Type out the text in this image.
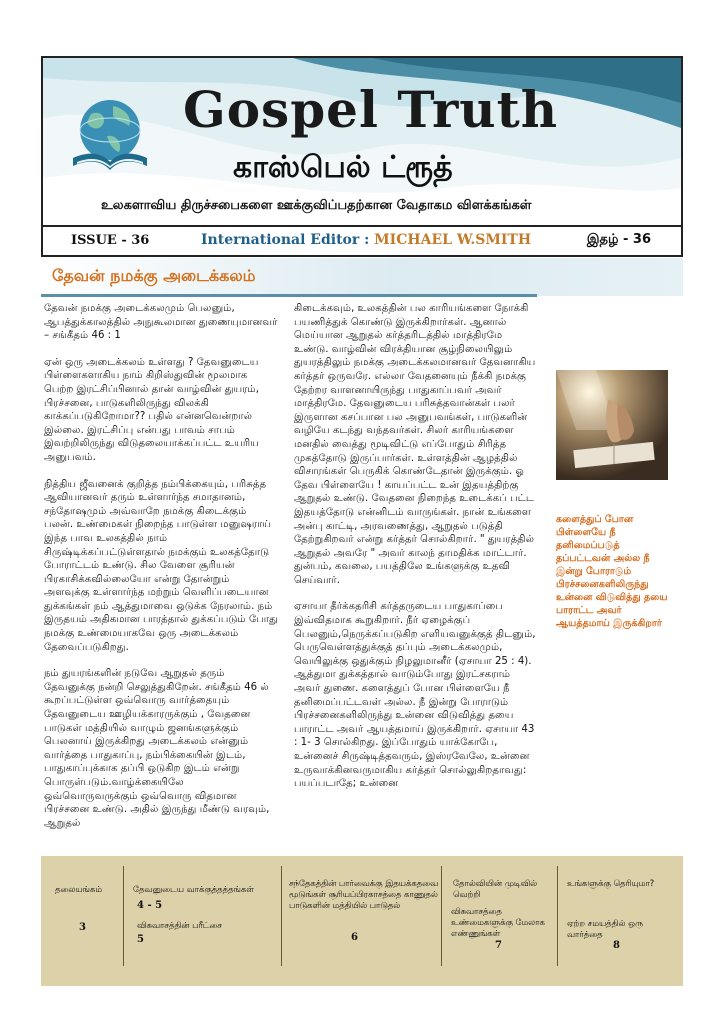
Gospel Truth
காஸ்பெல் ட்ரூத்
உலகளாவிய திருச்சபைகளை ஊக்குவிப்பதற்கான வேதாகம விளக்கங்கள்
ISSUE - 36	International Editor : MICHAEL W.SMITH	இதழ் - 36
தேவன் நமக்கு அடைக்கலம்

தேவன் நமக்கு அடைக்கலமும் பெலனும், ஆபத்துக்காலத்தில் அநுகூலமான துணையுமானவர் – சங்கீதம் 46 : 1

ஏன் ஒரு அடைக்கலம் உள்ளது ? தேவனுடைய பிள்ளைகளாகிய நாம் கிறிஸ்துவின் மூலமாக பெற்ற இரட்சிப்பினால் தான் வாழ்வின் துயரம், பிரச்சனை, பாடுகளிலிருந்து விலக்கி காக்கப்படுகிறோமா?? பதில் என்னவென்றால் இல்லை. இரட்சிப்பு என்பது பாவம் சாபம் இவற்றிலிருந்து விடுதலையாக்கப்பட்ட உயரிய அனுபவம்.

நித்திய ஜீவனைக் குறித்த நம்பிக்கையும், பரிசுத்த ஆவியானவர் தரும் உள்ளார்ந்த சமாதானம், சந்தோஷமும் அவ்வாறே நமக்கு கிடைக்கும் பலன். உண்மைகள் நிறைந்த பாடுள்ள மனுஷராய் இந்த பாவ உலகத்தில் நாம் சிருஷ்டிக்கப்பட்டுள்ளதால் நமக்கும் உலகத்தோடு போராட்டம் உண்டு. சில வேளை சூரியன் பிரகாசிக்கவில்லையோ என்று தோன்றும் அளவுக்கு உள்ளார்ந்த மற்றும் வெளிப்படையான துக்கங்கள் நம் ஆத்துமாவை ஒடுக்க நேரலாம். நம் இருதயம் அதிகமான பாரத்தால் துக்கப்படும் போது நமக்கு உண்மையாகவே ஒரு அடைக்கலம் தேவைப்படுகிறது.

நம் துயரங்களின் நடுவே ஆறுதல் தரும் தேவனுக்கு நன்றி செலுத்துகிறேன். சங்கீதம் 46 ல் கூறப்பட்டுள்ள ஒவ்வொரு வார்த்தையும் தேவனுடைய ஊழியக்காரருக்கும் , வேதனை பாடுகள் மத்தியில் வாழும் ஜனங்களுக்கும் பெலனாய் இருக்கிறது அடைக்கலம் என்னும் வார்த்தை பாதுகாப்பு, நம்பிக்கையின் இடம், பாதுகாப்புக்காக தப்பி ஒடுகிற இடம் என்று பொருள்படும்.வாழ்க்கையிலே ஒவ்வொருவருக்கும் ஒவ்வொரு விதமான பிரச்சனை உண்டு. அதில் இருந்து மீண்டு வரவும், ஆறுதல்

கிடைக்கவும், உலகத்தின் பல காரியங்களை நோக்கி பயணித்துக் கொண்டு இருக்கிறார்கள். ஆனால் மெய்யான ஆறுதல் கர்த்தரிடத்தில் மாத்திரமே உண்டு. வாழ்வின் விரக்தியான சூழ்நிலையிலும் துயரத்திலும் நமக்கு அடைக்கலமானவர் தேவனாகிய கர்த்தர் ஒருவரே. எல்லா வேதனையும் நீக்கி நமக்கு தேற்றர வாளனாயிருந்து பாதுகாப்பவர் அவர் மாத்திரமே. தேவனுடைய பரிசுத்தவான்கள் பலர் இருளான கசப்பான பல அனுபவங்கள், பாடுகளின் வழியே கடந்து வந்தவர்கள். சிலர் காரியங்களை மனதில் வைத்து மூடிவிட்டு எப்போதும் சிரித்த முகத்தோடு இருப்பார்கள். உள்ளத்தின் ஆழத்தில் விசாரங்கள் பெருகிக் கொண்டேதான் இருக்கும். ஓ தேவ பிள்ளையே ! காயப்பட்ட உன் இதயத்திற்கு ஆறுதல் உண்டு. வேதனை நிறைந்த உடைக்கப் பட்ட இதயத்தோடு என்னிடம் வாருங்கள். நான் உங்களை அன்பு காட்டி, அரவணைத்து, ஆறுதல் படுத்தி தேற்றுகிறவர் என்று கர்த்தர் சொல்கிறார். " துயரத்தில் ஆறுதல் அவரே " அவர் காலந் தாமதிக்க மாட்டார். துன்பம், கவலை, பயத்திலே உங்களுக்கு உதவி செய்வார்.

ஏசாயா தீர்க்கதரிசி கர்த்தருடைய பாதுகாப்பை இவ்விதமாக கூறுகிறார். நீர் ஏழைக்குப் பெலனும்,நெருக்கப்படுகிற எளியவனுக்குத் திடனும், பெருவெள்ளத்துக்குத் தப்பும் அடைக்கலமும், வெயிலுக்கு ஒதுக்கும் நிழலுமானீர் (ஏசாயா 25 : 4). ஆத்துமா துக்கத்தால் வாடும்போது இரட்சகராம் அவர் துணை. களைத்துப் போன பிள்ளையே நீ தனிமைப்பட்டவள் அல்ல. நீ இன்று போராடும் பிரச்சனைகளிலிருந்து உன்னை விடுவித்து தயை பாராட்ட அவர் ஆயத்தமாய் இருக்கிறார். ஏசாயா 43 : 1- 3 சொல்கிறது. இப்போதும் யாக்கோபே, உன்னைச் சிருஷ்டித்தவரும், இஸ்ரவேலே, உன்னை உருவாக்கினவருமாகிய கர்த்தர் சொல்லுகிறதாவது: பயப்படாதே; உன்னை

களைத்துப் போன பிள்ளையே நீ தனிமைப்படுத் தப்பட்டவன் அல்ல நீ இன்று போராடும் பிரச்சனைகளிலிருந்து உன்னை விடுவித்து தயை பாராட்ட அவர் ஆயத்தமாய் இருக்கிறார்
தலையங்கம்
3
தேவனுடைய வாக்குத்தத்தங்கள்
4 - 5
விசுவாசத்தின் பரீட்சை
5
சந்தேகத்தின் பார்வைக்கு இதயக்கதவை மூடுங்கள் சூரியப்பிரகாசத்தை காணுதல் பாடுகளின் மத்தியில் பாடுதல்
6
தோல்வியின் முடிவில் வெற்றி
விசுவாசத்தை உண்மைகளுக்கு மேலாக எண்ணுங்கள்
7
உங்களுக்கு தெரியுமா?
ஏற்ற சமயத்தில் ஒரு வார்த்தை
8
